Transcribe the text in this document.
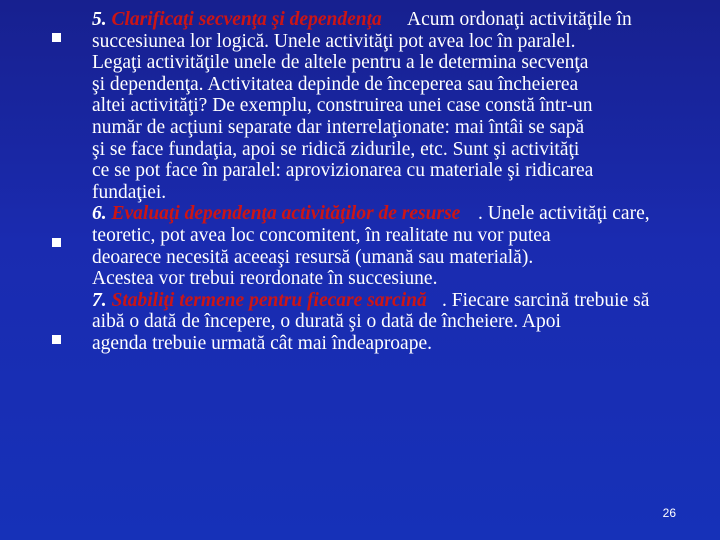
5. Clarificaţi secvenţa şi dependenţa	Acum ordonaţi activităţile în
succesiunea lor logică. Unele activităţi pot avea loc în paralel.
Legaţi activităţile unele de altele pentru a le determina secvenţa
şi dependenţa. Activitatea depinde de începerea sau încheierea
altei activităţi? De exemplu, construirea unei case constă într-un
număr de acţiuni separate dar interrelaţionate: mai întâi se sapă
şi se face fundaţia, apoi se ridică zidurile, etc. Sunt şi activităţi
ce se pot face în paralel: aprovizionarea cu materiale şi ridicarea
fundaţiei.
6. Evaluaţi dependenţa activităţilor de resurse . Unele activităţi care,
teoretic, pot avea loc concomitent, în realitate nu vor putea
deoarece necesită aceeaşi resursă (umană sau materială).
Acestea vor trebui reordonate în succesiune.
7. Stabiliţi termene pentru fiecare sarcină . Fiecare sarcină trebuie să
aibă o dată de începere, o durată şi o dată de încheiere. Apoi
agenda trebuie urmată cât mai îndeaproape.
26
